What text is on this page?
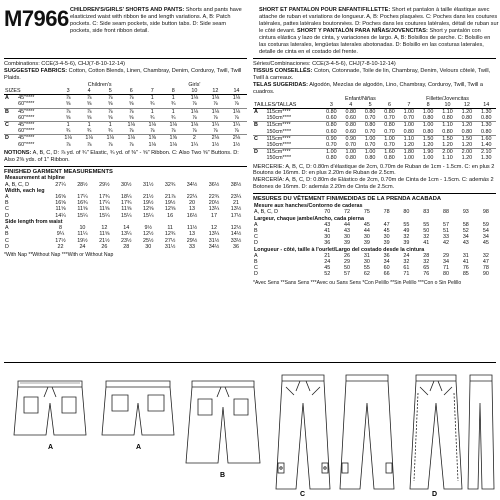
M7966 CHILDREN'S/GIRLS' SHORTS AND PANTS: Shorts and pants have elasticized waist with ribbon tie and length variations. A, B: Patch pockets. C: Side seam pockets, side button tabs. D: Side seam pockets, side front ribbon detail.
SHORT ET PANTALON POUR ENFANT/FILLETTE: Short et pantalon à taille élastique avec attache de ruban et variations de longueur. A, B: Poches plaquées. C: Poches dans les coutures latérales, pattes latérales boutonnées. D: Poches dans les coutures latérales, détail de ruban sur le côté devant. SHORT Y PANTALÓN PARA NIÑAS/JOVENCITAS: Short y pantalón con cintura elástica y lazo de cinta, y variaciones de largo. A, B: Bolsillos de parche. C: Bolsillo en las costuras laterales, lengüetas laterales abotonadas. D: Bolsillo en las costuras laterales, detalle de cinta en el costado del frente.
Combinations: CCE(3-4-5-6), CHJ(7-8-10-12-14)
SUGGESTED FABRICS: Cotton, Cotton Blends, Linen, Chambray, Denim, Corduroy, Twill, Twill Plaids.
		Children's				Girls'				
SIZES		3	4	5	6	7	8	10	12	14
A	45"****	⅞	⅞	⅞	⅞	1	1	1⅛	1⅛	1⅛
	60"****	⅝	⅝	⅝	⅝	¾	¾	⅞	⅞	⅞
B	45"****	⅞	⅞	⅞	⅞	1	1	1⅛	1⅛	1⅛
	60"****	⅝	⅝	⅝	⅝	¾	¾	⅞	⅞	⅞
C	45"****	1	1	1	1⅛	1⅛	1⅛	1⅛	1¼	1¼
	60"****	¾	¾	¾	⅞	⅞	⅞	⅞	⅞	⅞
D	45"****	1⅛	1⅛	1⅛	1⅛	1⅝	1⅝	2	2⅛	2⅛
	60"****	⅞	⅞	⅞	⅞	1⅛	1⅛	1¼	1½	1½
NOTIONS: A, B, C, D: ⅞ yd. of ¾" Elastic, ¾ yd. of ⅜" - ⅝" Ribbon. C: Also Two ⅝" Buttons. D: Also 2⅜ yds. of 1" Ribbon.
FINISHED GARMENT MEASUREMENTS
Measurement at hipline									
A, B, C, D	27¼	28½	29½	30½	31½	32¾	34½	36½	38½
Width, each leg									
A	16⅝	17¼	17¾	18¼	21½	21⅞	22¼	22¾	23¼
B	16⅝	16¾	17¼	17¾	19½	19½	20	20½	21
C	11⅝	11⅝	11⅝	11⅝	12⅝	12⅝	13	13¼	13½
D	14¼	15¼	15¼	15¼	15¼	16	16½	17	17½
Side length from waist									
A	8	10	12	14	9½	11	11½	12	12½
B	9¼	11¼	11⅝	13¼	12½	12¾	13	13¼	14½
C	17½	19½	21½	23½	25½	27½	29½	31½	33½
D	22	24	26	28	30	31½	33	34½	36
*With Nap **Without Nap ***With or Without Nap
Séries/Combinaciones: CCE(3-4-5-6), CHJ(7-8-10-12-14)
TISSUS CONSEILLÉS: Coton, Cotonnade, Toile de lin, Chambray, Denim, Velours côtelé, Twill, Twill à carreaux.
TELAS SUGERIDAS: Algodón, Mezclas de algodón, Lino, Chambray, Corduroy, Twill, Twill a cuadros.
		Enfant/Niñas				Fillette/Jovencitas				
TAILLES/TALLAS		3	4	5	6	7	8	10	12	14
A	115cm****	0.80	0.80	0.80	0.80	1.00	1.00	1.10	1.20	1.30
	150cm****	0.60	0.60	0.70	0.70	0.70	0.80	0.80	0.80	0.80
B	115cm****	0.80	0.80	0.80	0.80	1.00	1.00	1.10	1.20	1.30
	150cm****	0.60	0.60	0.70	0.70	0.80	0.80	0.80	0.80	0.80
C	115cm****	0.90	0.90	1.00	1.00	1.10	1.50	1.50	1.50	1.60
	150cm****	0.70	0.70	0.70	0.70	1.20	1.20	1.20	1.20	1.40
D	115cm****	1.00	1.00	1.00	1.60	1.80	1.90	2.00	2.00	2.10
	150cm****	0.80	0.80	0.80	0.80	1.00	1.00	1.10	1.20	1.30
MERCERIE: A, B, C, D: 0.80m d'élastique de 2cm, 0.70m de Ruban de 1cm - 1.5cm. C: en plus 2 Boutons de 16mm. D: en plus 2.20m de Ruban de 2.5cm.
MERCERÍA: A, B, C, D: 0.80m de Elástico de 2cm, 0.70m de Cinta de 1cm - 1.5cm. C: además 2 Botones de 16mm. D: además 2.20m de Cinta de 2.5cm.
MESURES DU VÊTEMENT FINI/MEDIDAS DE LA PRENDA ACABADA
Mesure aux hanches/Contorno de caderas									
A, B, C, D	70	72	75	78	80	83	88	93	98
Largeur, chaque jambe/Ancho, cada pierna									
A	43	44	45	47	55	55	57	58	59
B	41	43	44	45	49	50	51	52	54
C	30	30	30	30	32	32	33	34	34
D	36	39	39	39	39	41	42	43	45
Longueur - côté, taille à l'ourlet/Largo del costado desde la cintura									
A	21	26	31	36	24	28	29	31	32
B	24	29	30	34	32	32	34	41	47
C	45	50	55	60	61	65	71	76	78
D	52	57	62	66	71	76	80	85	90
*Avec Sens **Sans Sens ***Avec ou Sans Sens *Con Pelillo **Sin Pelillo ***Con o Sin Pelillo
A	A
B
C	D
